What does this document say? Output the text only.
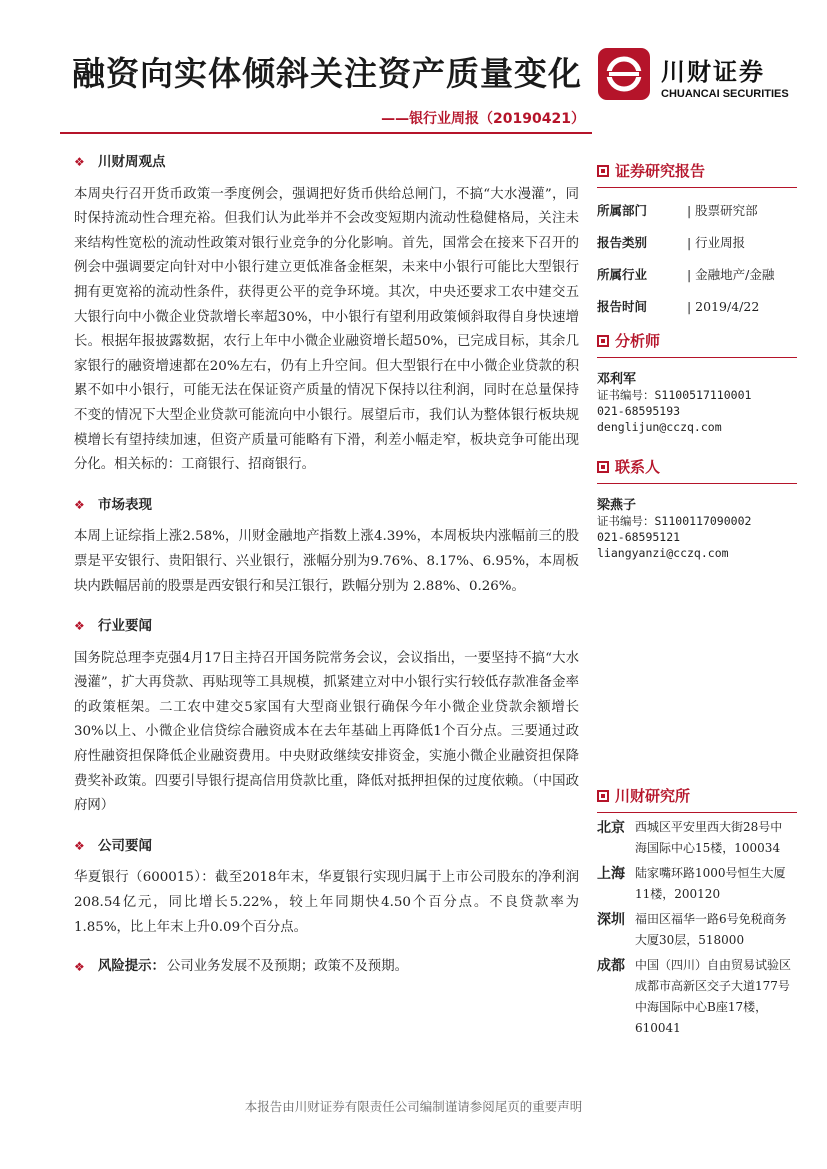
融资向实体倾斜关注资产质量变化
——银行业周报（20190421）
川财证券
CHUANCAI SECURITIES
❖ 川财周观点

本周央行召开货币政策一季度例会，强调把好货币供给总闸门，不搞“大水漫灌”，同时保持流动性合理充裕。但我们认为此举并不会改变短期内流动性稳健格局，关注未来结构性宽松的流动性政策对银行业竞争的分化影响。首先，国常会在接来下召开的例会中强调要定向针对中小银行建立更低准备金框架，未来中小银行可能比大型银行拥有更宽裕的流动性条件，获得更公平的竞争环境。其次，中央还要求工农中建交五大银行向中小微企业贷款增长率超30%，中小银行有望利用政策倾斜取得自身快速增长。根据年报披露数据，农行上年中小微企业融资增长超50%，已完成目标，其余几家银行的融资增速都在20%左右，仍有上升空间。但大型银行在中小微企业贷款的积累不如中小银行，可能无法在保证资产质量的情况下保持以往利润，同时在总量保持不变的情况下大型企业贷款可能流向中小银行。展望后市，我们认为整体银行板块规模增长有望持续加速，但资产质量可能略有下滑，利差小幅走窄，板块竞争可能出现分化。相关标的：工商银行、招商银行。

❖ 市场表现

本周上证综指上涨2.58%，川财金融地产指数上涨4.39%，本周板块内涨幅前三的股票是平安银行、贵阳银行、兴业银行，涨幅分别为9.76%、8.17%、6.95%，本周板块内跌幅居前的股票是西安银行和吴江银行，跌幅分别为 2.88%、0.26%。

❖ 行业要闻

国务院总理李克强4月17日主持召开国务院常务会议，会议指出，一要坚持不搞“大水漫灌”，扩大再贷款、再贴现等工具规模，抓紧建立对中小银行实行较低存款准备金率的政策框架。二工农中建交5家国有大型商业银行确保今年小微企业贷款余额增长30%以上、小微企业信贷综合融资成本在去年基础上再降低1个百分点。三要通过政府性融资担保降低企业融资费用。中央财政继续安排资金，实施小微企业融资担保降费奖补政策。四要引导银行提高信用贷款比重，降低对抵押担保的过度依赖。（中国政府网）

❖ 公司要闻

华夏银行（600015）：截至2018年末，华夏银行实现归属于上市公司股东的净利润208.54亿元，同比增长5.22%，较上年同期快4.50个百分点。不良贷款率为1.85%，比上年末上升0.09个百分点。

❖ 风险提示： 公司业务发展不及预期；政策不及预期。
证券研究报告
所属部门	| 股票研究部
报告类别	| 行业周报
所属行业	| 金融地产/金融
报告时间	| 2019/4/22
分析师
邓利军
证书编号：S1100517110001
021-68595193
denglijun@cczq.com
联系人
梁燕子
证书编号：S1100117090002
021-68595121
liangyanzi@cczq.com
川财研究所
北京 西城区平安里西大街28号中海国际中心15楼，100034
上海 陆家嘴环路1000号恒生大厦11楼，200120
深圳 福田区福华一路6号免税商务大厦30层，518000
成都 中国（四川）自由贸易试验区成都市高新区交子大道177号中海国际中心B座17楼，610041
本报告由川财证券有限责任公司编制谨请参阅尾页的重要声明
